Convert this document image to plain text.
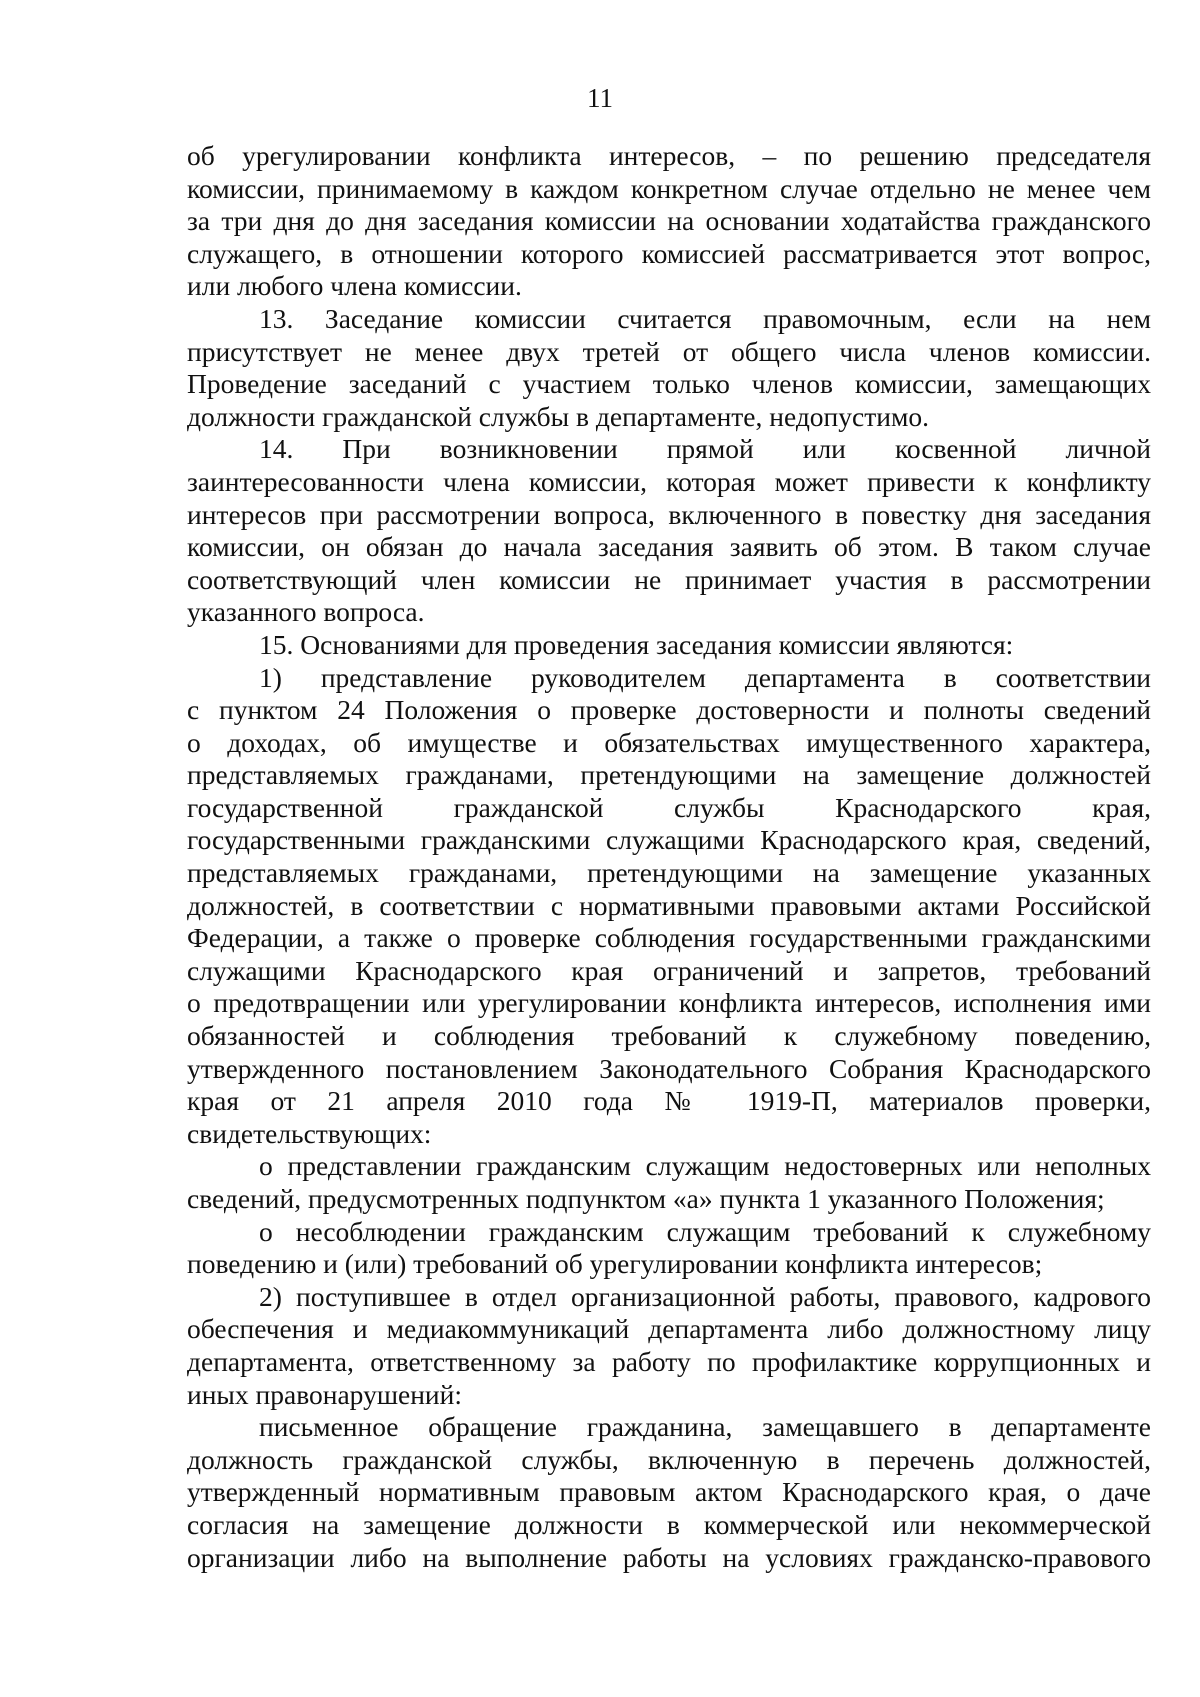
11

об урегулировании конфликта интересов, – по решению председателя
комиссии, принимаемому в каждом конкретном случае отдельно не менее чем
за три дня до дня заседания комиссии на основании ходатайства гражданского
служащего, в отношении которого комиссией рассматривается этот вопрос,
или любого члена комиссии.

13. Заседание комиссии считается правомочным, если на нем
присутствует не менее двух третей от общего числа членов комиссии.
Проведение заседаний с участием только членов комиссии, замещающих
должности гражданской службы в департаменте, недопустимо.

14. При возникновении прямой или косвенной личной
заинтересованности члена комиссии, которая может привести к конфликту
интересов при рассмотрении вопроса, включенного в повестку дня заседания
комиссии, он обязан до начала заседания заявить об этом. В таком случае
соответствующий член комиссии не принимает участия в рассмотрении
указанного вопроса.

15. Основаниями для проведения заседания комиссии являются:

1) представление руководителем департамента в соответствии
с пунктом 24 Положения о проверке достоверности и полноты сведений
о доходах, об имуществе и обязательствах имущественного характера,
представляемых гражданами, претендующими на замещение должностей
государственной гражданской службы Краснодарского края,
государственными гражданскими служащими Краснодарского края, сведений,
представляемых гражданами, претендующими на замещение указанных
должностей, в соответствии с нормативными правовыми актами Российской
Федерации, а также о проверке соблюдения государственными гражданскими
служащими Краснодарского края ограничений и запретов, требований
о предотвращении или урегулировании конфликта интересов, исполнения ими
обязанностей и соблюдения требований к служебному поведению,
утвержденного постановлением Законодательного Собрания Краснодарского
края от 21 апреля 2010 года № 1919-П, материалов проверки,
свидетельствующих:

о представлении гражданским служащим недостоверных или неполных
сведений, предусмотренных подпунктом «а» пункта 1 указанного Положения;

о несоблюдении гражданским служащим требований к служебному
поведению и (или) требований об урегулировании конфликта интересов;

2) поступившее в отдел организационной работы, правового, кадрового
обеспечения и медиакоммуникаций департамента либо должностному лицу
департамента, ответственному за работу по профилактике коррупционных и
иных правонарушений:

письменное обращение гражданина, замещавшего в департаменте
должность гражданской службы, включенную в перечень должностей,
утвержденный нормативным правовым актом Краснодарского края, о даче
согласия на замещение должности в коммерческой или некоммерческой
организации либо на выполнение работы на условиях гражданско-правового
